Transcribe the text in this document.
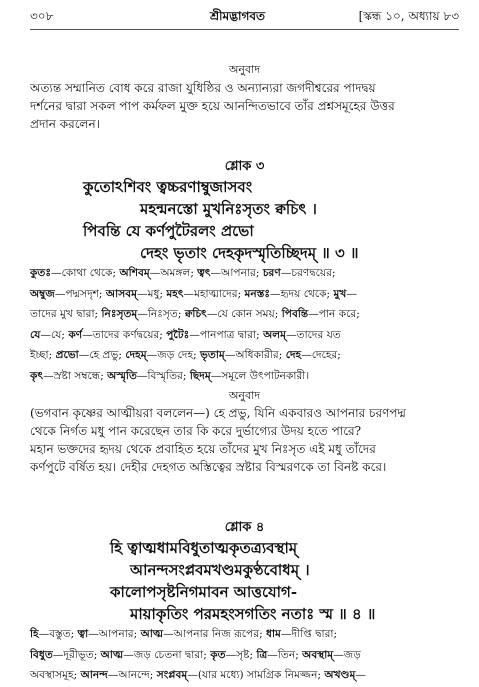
৩০৮	শ্রীমদ্ভাগবত	[স্কন্ধ ১০, অধ্যায় ৮৩
অনুবাদ

অত্যন্ত সম্মানিত বোধ করে রাজা যুধিষ্ঠির ও অন্যান্যরা জগদীশ্বরের পাদদ্বয়

দর্শনের দ্বারা সকল পাপ কর্মফল মুক্ত হয়ে আনন্দিতভাবে তাঁর প্রশ্নসমূহের উত্তর

প্রদান করলেন।

শ্লোক ৩
কুতোঽশিবং ত্বচ্চরণাম্বুজাসবং
মহন্মনস্তো মুখনিঃসৃতং ক্বচিৎ ।
পিবন্তি যে কর্ণপুটৈরলং প্রভো
দেহং ভৃতাং দেহকৃদস্মৃতিচ্ছিদম্ ॥ ৩ ॥

কুতঃ—কোথা থেকে; অশিবম্—অমঙ্গল; ত্বৎ—আপনার; চরণ—চরণদ্বয়ের;

অম্বুজ—পদ্মসদৃশ; আসবম্—মধু; মহৎ—মহাত্মাদের; মনস্তঃ—হৃদয় থেকে; মুখ—

তাদের মুখ দ্বারা; নিঃসৃতম্—নিঃসৃত; ক্বচিৎ—যে কোন সময়; পিবন্তি—পান করে;

যে—যে; কর্ণ—তাদের কর্ণদ্বয়ের; পুটৈঃ—পানপাত্র দ্বারা; অলম্—তাদের যত

ইচ্ছা; প্রভো—হে প্রভু; দেহম্—জড় দেহ; ভৃতাম্—অধিকারীর; দেহ—দেহের;

কৃৎ—স্রষ্টা সম্বন্ধে; অস্মৃতি—বিস্মৃতির; ছিদম্—সমূলে উৎপাটনকারী।

অনুবাদ

(ভগবান কৃষ্ণের আত্মীয়রা বললেন—) হে প্রভু, যিনি একবারও আপনার চরণপদ্ম

থেকে নির্গত মধু পান করেছেন তার কি করে দুর্ভাগ্যের উদয় হতে পারে?

মহান ভক্তদের হৃদয় থেকে প্রবাহিত হয়ে তাঁদের মুখ নিঃসৃত এই মধু তাঁদের

কর্ণপুটে বর্ষিত হয়। দেহীর দেহগত অস্তিত্বের স্রষ্টার বিস্মরণকে তা বিনষ্ট করে।

শ্লোক ৪
হি ত্বাত্মধামবিধুতাত্মকৃতত্র্যবস্থাম্
আনন্দসংপ্লবমখণ্ডমকুণ্ঠবোধম্ ।
কালোপসৃষ্টনিগমাবন আত্তযোগ-
মায়াকৃতিং পরমহংসগতিং নতাঃ স্ম ॥ ৪ ॥

হি—বস্তুত; ত্বা—আপনার; আত্ম—আপনার নিজ রূপের; ধাম—দীপ্তি দ্বারা;

বিধুত—দূরীভূত; আত্ম—জড় চেতনা দ্বারা; কৃত—সৃষ্ট; ত্রি—তিন; অবস্থাম্—জড়

অবস্থাসমূহ; আনন্দ—আনন্দে; সংপ্লবম্—(যার মধ্যে) সামগ্রিক নিমজ্জন; অখণ্ডম্—
